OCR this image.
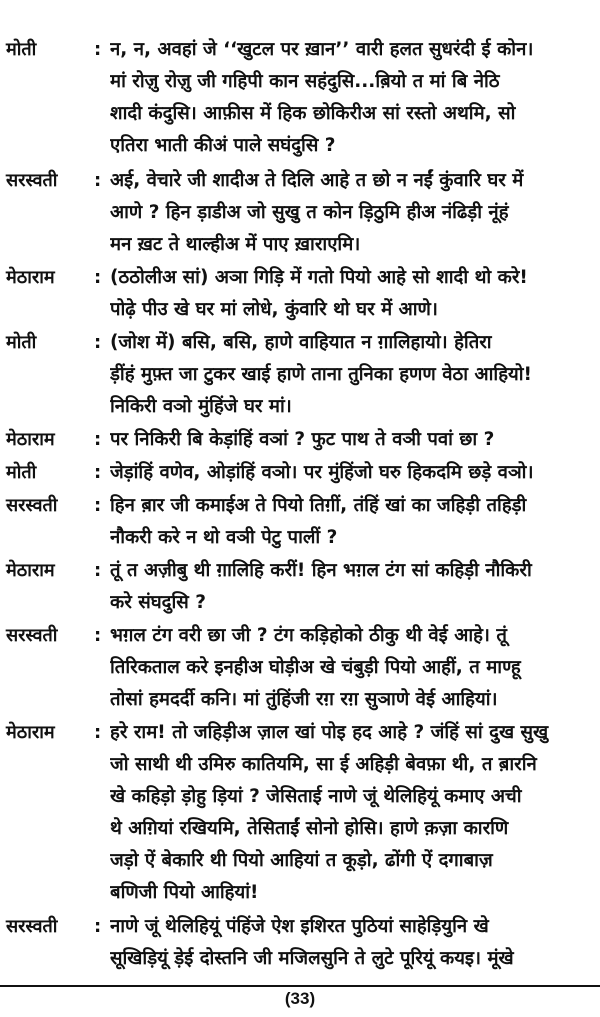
मोती	: न, न, अवहां जे ‘‘खुटल पर ख़ान’’ वारी हलत सुधरंदी ई कोन।
मां रोज़ु रोज़ु जी गहिपी कान सहंदुसि...ब़ियो त मां बि नेठि
शादी कंदुसि। आफ़ीस में हिक छोकिरीअ सां रस्तो अथमि, सो
एतिरा भाती कीअं पाले सघंदुसि ?
सरस्वती : अई, वेचारे जी शादीअ ते दिलि आहे त छो न नईं कुंवारि घर में
आणे ? हिन ड़ाडीअ जो सुखु त कोन ड़िठुमि हीअ नंढिड़ी नूंहं
मन ख़ट ते थाल्हीअ में पाए ख़ाराएमि।
मेठाराम : (ठठोलीअ सां) अञा गिड़ि में गतो पियो आहे सो शादी थो करे!
पोढ़े पीउ खे घर मां लोधे, कुंवारि थो घर में आणे।
मोती	: (जोश में) बसि, बसि, हाणे वाहियात न ग़ालिहायो। हेतिरा
ड़ींहं मुफ़्त जा टुकर खाई हाणे ताना तुनिका हणण वेठा आहियो!
निकिरी वञो मुंहिंजे घर मां।
मेठाराम : पर निकिरी बि केड़ांहिं वञां ? फुट पाथ ते वञी पवां छा ?
मोती	: जेड़ांहिं वणेव, ओड़ांहिं वञो। पर मुंहिंजो घरु हिकदमि छड़े वञो।
सरस्वती : हिन ब़ार जी कमाईअ ते पियो तिग़ीं, तंहिं खां का जहिड़ी तहिड़ी
नौकरी करे न थो वञी पेटु पालीं ?
मेठाराम : तूं त अज़ीबु थी ग़ालिहि करीं! हिन भग़ल टंग सां कहिड़ी नौकिरी
करे संघदुसि ?
सरस्वती : भग़ल टंग वरी छा जी ? टंग कड़िहोको ठीकु थी वेई आहे। तूं
तिरिकताल करे इनहीअ घोड़ीअ खे चंबुड़ी पियो आहीं, त माण्हू
तोसां हमदर्दी कनि। मां तुंहिंजी रग़ रग़ सुञाणे वेई आहियां।
मेठाराम : हरे राम! तो जहिड़ीअ ज़ाल खां पोइ हद आहे ? जंहिं सां दुख सुखु
जो साथी थी उमिरु कातियमि, सा ई अहिड़ी बेवफ़ा थी, त ब़ारनि
खे कहिड़ो ड़ोहु ड़ियां ? जेसिताई नाणे जूं थेलिहियूं कमाए अची
थे अग़ियां रखियमि, तेसिताईं सोनो होसि। हाणे क़ज़ा कारणि
जड़ो ऐं बेकारि थी पियो आहियां त कूड़ो, ढोंगी ऐं दगाबाज़
बणिजी पियो आहियां!
सरस्वती : नाणे जूं थेलिहियूं पंहिंजे ऐश इशिरत पुठियां साहेड़ियुनि खे
सूखिड़ियूं ड़ेई दोस्तनि जी मजिलसुनि ते लुटे पूरियूं कयइ। मूंखे
(33)
